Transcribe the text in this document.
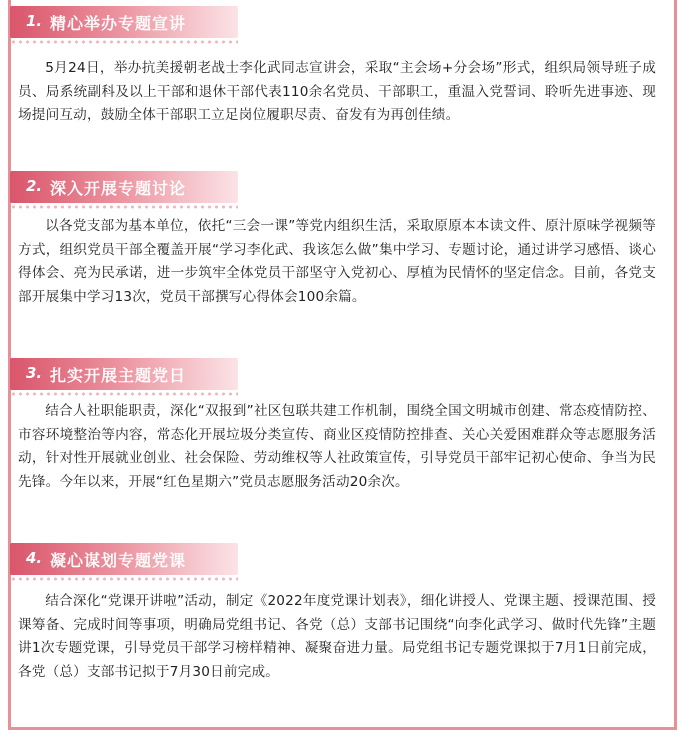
1. 精心举办专题宣讲

5月24日，举办抗美援朝老战士李化武同志宣讲会，采取“主会场+分会场”形式，组织局领导班子成员、局系统副科及以上干部和退休干部代表110余名党员、干部职工，重温入党誓词、聆听先进事迹、现场提问互动，鼓励全体干部职工立足岗位履职尽责、奋发有为再创佳绩。

2. 深入开展专题讨论

以各党支部为基本单位，依托“三会一课”等党内组织生活，采取原原本本读文件、原汁原味学视频等方式，组织党员干部全覆盖开展“学习李化武、我该怎么做”集中学习、专题讨论，通过讲学习感悟、谈心得体会、亮为民承诺，进一步筑牢全体党员干部坚守入党初心、厚植为民情怀的坚定信念。目前，各党支部开展集中学习13次，党员干部撰写心得体会100余篇。

3. 扎实开展主题党日

结合人社职能职责，深化“双报到”社区包联共建工作机制，围绕全国文明城市创建、常态疫情防控、市容环境整治等内容，常态化开展垃圾分类宣传、商业区疫情防控排查、关心关爱困难群众等志愿服务活动，针对性开展就业创业、社会保险、劳动维权等人社政策宣传，引导党员干部牢记初心使命、争当为民先锋。今年以来，开展“红色星期六”党员志愿服务活动20余次。

4. 凝心谋划专题党课

结合深化“党课开讲啦”活动，制定《2022年度党课计划表》，细化讲授人、党课主题、授课范围、授课筹备、完成时间等事项，明确局党组书记、各党（总）支部书记围绕“向李化武学习、做时代先锋”主题讲1次专题党课，引导党员干部学习榜样精神、凝聚奋进力量。局党组书记专题党课拟于7月1日前完成，各党（总）支部书记拟于7月30日前完成。
